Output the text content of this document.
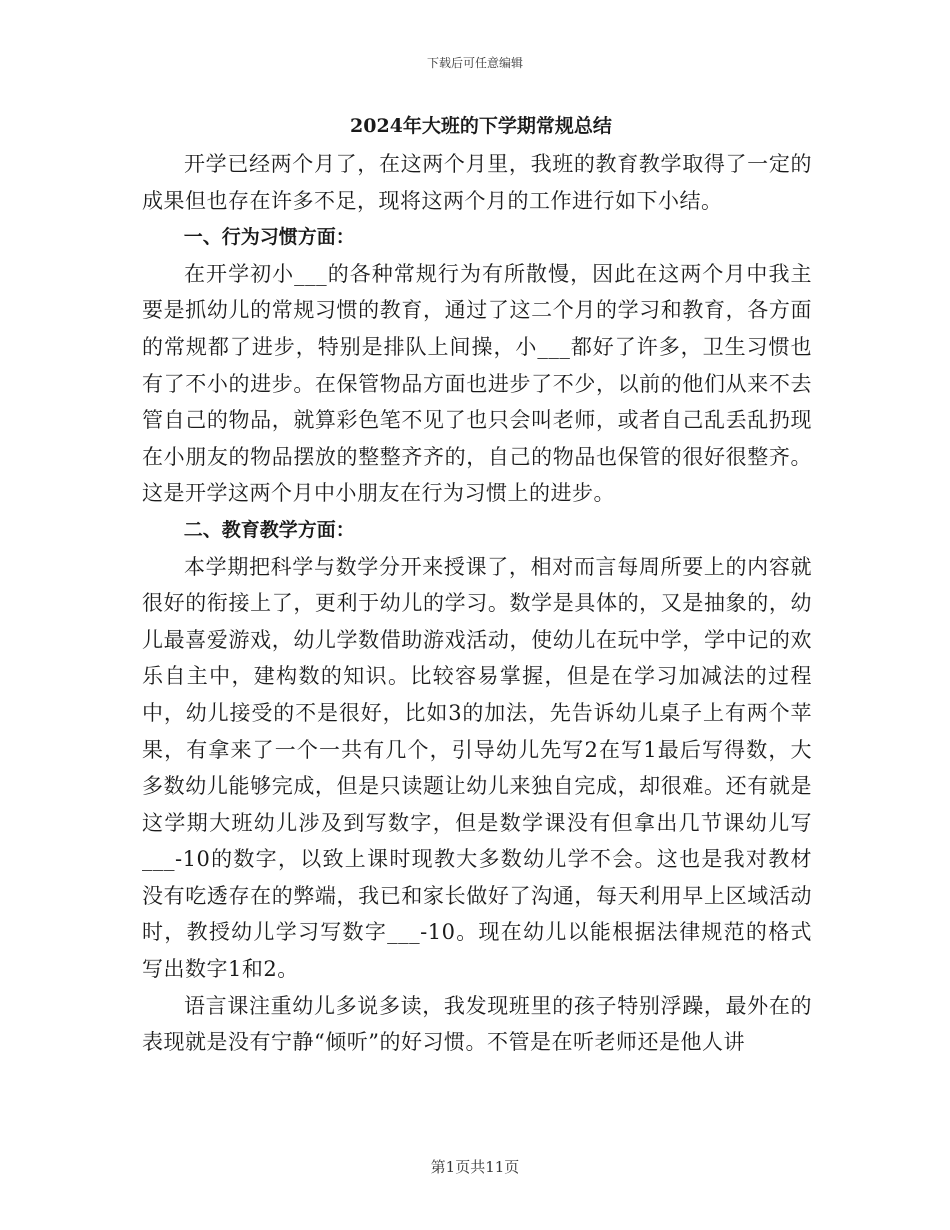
下载后可任意编辑
2024年大班的下学期常规总结

开学已经两个月了，在这两个月里，我班的教育教学取得了一定的成果但也存在许多不足，现将这两个月的工作进行如下小结。

一、行为习惯方面：

在开学初小___的各种常规行为有所散慢，因此在这两个月中我主要是抓幼儿的常规习惯的教育，通过了这二个月的学习和教育，各方面的常规都了进步，特别是排队上间操，小___都好了许多，卫生习惯也有了不小的进步。在保管物品方面也进步了不少，以前的他们从来不去管自己的物品，就算彩色笔不见了也只会叫老师，或者自己乱丢乱扔现在小朋友的物品摆放的整整齐齐的，自己的物品也保管的很好很整齐。这是开学这两个月中小朋友在行为习惯上的进步。

二、教育教学方面：

本学期把科学与数学分开来授课了，相对而言每周所要上的内容就很好的衔接上了，更利于幼儿的学习。数学是具体的，又是抽象的，幼儿最喜爱游戏，幼儿学数借助游戏活动，使幼儿在玩中学，学中记的欢乐自主中，建构数的知识。比较容易掌握，但是在学习加减法的过程中，幼儿接受的不是很好，比如3的加法，先告诉幼儿桌子上有两个苹果，有拿来了一个一共有几个，引导幼儿先写2在写1最后写得数，大多数幼儿能够完成，但是只读题让幼儿来独自完成，却很难。还有就是这学期大班幼儿涉及到写数字，但是数学课没有但拿出几节课幼儿写___-10的数字，以致上课时现教大多数幼儿学不会。这也是我对教材没有吃透存在的弊端，我已和家长做好了沟通，每天利用早上区域活动时，教授幼儿学习写数字___-10。现在幼儿以能根据法律规范的格式写出数字1和2。

语言课注重幼儿多说多读，我发现班里的孩子特别浮躁，最外在的表现就是没有宁静“倾听”的好习惯。不管是在听老师还是他人讲

第1页共11页
